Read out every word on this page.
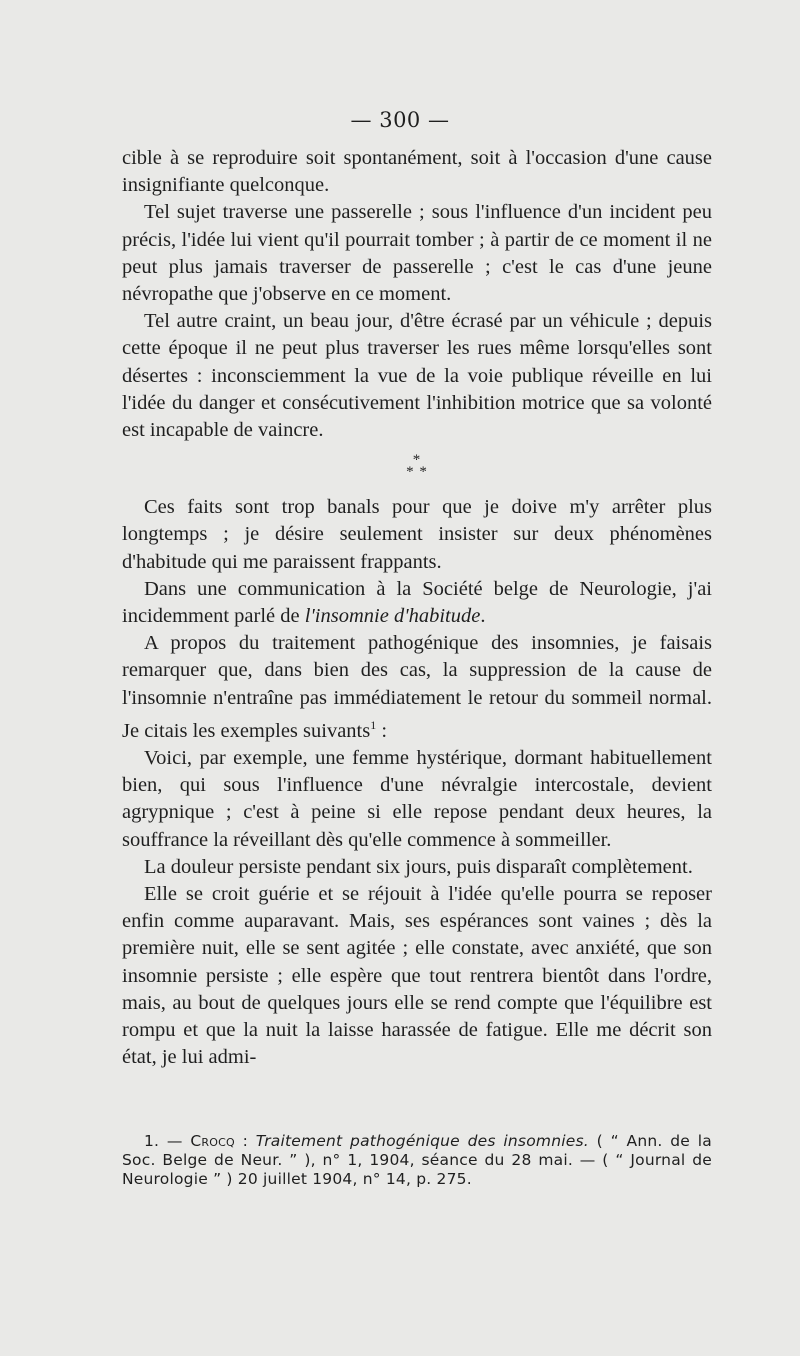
— 300 —

cible à se reproduire soit spontanément, soit à l'occasion d'une cause insignifiante quelconque.

Tel sujet traverse une passerelle ; sous l'influence d'un incident peu précis, l'idée lui vient qu'il pourrait tomber ; à partir de ce moment il ne peut plus jamais traverser de passerelle ; c'est le cas d'une jeune névropathe que j'observe en ce moment.

Tel autre craint, un beau jour, d'être écrasé par un véhicule ; depuis cette époque il ne peut plus traverser les rues même lorsqu'elles sont désertes : inconsciemment la vue de la voie publique réveille en lui l'idée du danger et consécutivement l'inhibition motrice que sa volonté est incapable de vaincre.

*
* *

Ces faits sont trop banals pour que je doive m'y arrêter plus longtemps ; je désire seulement insister sur deux phénomènes d'habitude qui me paraissent frappants.

Dans une communication à la Société belge de Neurologie, j'ai incidemment parlé de l'insomnie d'habitude.

A propos du traitement pathogénique des insomnies, je faisais remarquer que, dans bien des cas, la suppression de la cause de l'insomnie n'entraîne pas immédiatement le retour du sommeil normal. Je citais les exemples suivants$^1$ :

Voici, par exemple, une femme hystérique, dormant habituellement bien, qui sous l'influence d'une névralgie intercostale, devient agrypnique ; c'est à peine si elle repose pendant deux heures, la souffrance la réveillant dès qu'elle commence à sommeiller.

La douleur persiste pendant six jours, puis disparaît complètement.

Elle se croit guérie et se réjouit à l'idée qu'elle pourra se reposer enfin comme auparavant. Mais, ses espérances sont vaines ; dès la première nuit, elle se sent agitée ; elle constate, avec anxiété, que son insomnie persiste ; elle espère que tout rentrera bientôt dans l'ordre, mais, au bout de quelques jours elle se rend compte que l'équilibre est rompu et que la nuit la laisse harassée de fatigue. Elle me décrit son état, je lui admi-

1. — Crocq : Traitement pathogénique des insomnies. ( “ Ann. de la Soc. Belge de Neur. ” ), n° 1, 1904, séance du 28 mai. — ( “ Journal de Neurologie ” ) 20 juillet 1904, n° 14, p. 275.
